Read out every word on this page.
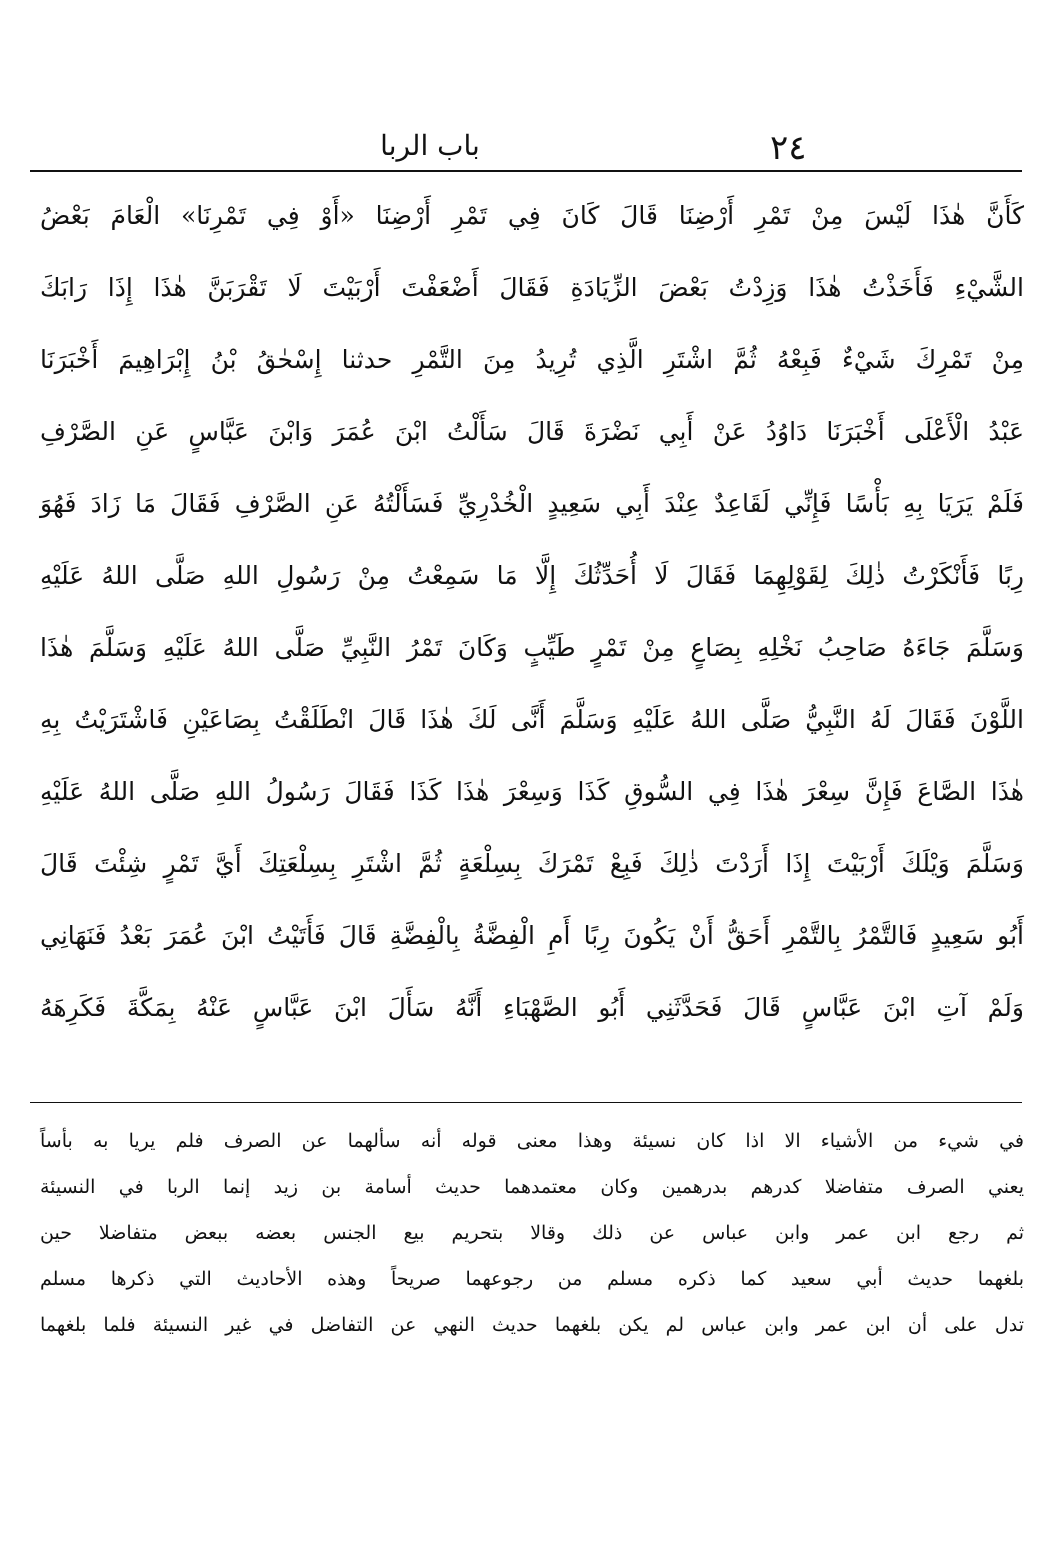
٢٤
باب الربا
كَأَنَّ هٰذَا لَيْسَ مِنْ تَمْرِ أَرْضِنَا قَالَ كَانَ فِي تَمْرِ أَرْضِنَا «أَوْ فِي تَمْرِنَا» الْعَامَ بَعْضُ
الشَّيْءِ فَأَخَذْتُ هٰذَا وَزِدْتُ بَعْضَ الزِّيَادَةِ فَقَالَ أَضْعَفْتَ أَرْبَيْتَ لَا تَقْرَبَنَّ هٰذَا إِذَا رَابَكَ
مِنْ تَمْرِكَ شَيْءٌ فَبِعْهُ ثُمَّ اشْتَرِ الَّذِي تُرِيدُ مِنَ التَّمْرِ حدثنا إِسْحٰقُ بْنُ إِبْرَاهِيمَ أَخْبَرَنَا
عَبْدُ الْأَعْلَى أَخْبَرَنَا دَاوُدُ عَنْ أَبِي نَضْرَةَ قَالَ سَأَلْتُ ابْنَ عُمَرَ وَابْنَ عَبَّاسٍ عَنِ الصَّرْفِ
فَلَمْ يَرَيَا بِهِ بَأْسًا فَإِنِّي لَقَاعِدٌ عِنْدَ أَبِي سَعِيدٍ الْخُدْرِيِّ فَسَأَلْتُهُ عَنِ الصَّرْفِ فَقَالَ مَا زَادَ فَهُوَ
رِبًا فَأَنْكَرْتُ ذٰلِكَ لِقَوْلِهِمَا فَقَالَ لَا أُحَدِّثُكَ إِلَّا مَا سَمِعْتُ مِنْ رَسُولِ اللهِ صَلَّى اللهُ عَلَيْهِ
وَسَلَّمَ جَاءَهُ صَاحِبُ نَخْلِهِ بِصَاعٍ مِنْ تَمْرٍ طَيِّبٍ وَكَانَ تَمْرُ النَّبِيِّ صَلَّى اللهُ عَلَيْهِ وَسَلَّمَ هٰذَا
اللَّوْنَ فَقَالَ لَهُ النَّبِيُّ صَلَّى اللهُ عَلَيْهِ وَسَلَّمَ أَنَّى لَكَ هٰذَا قَالَ انْطَلَقْتُ بِصَاعَيْنِ فَاشْتَرَيْتُ بِهِ
هٰذَا الصَّاعَ فَإِنَّ سِعْرَ هٰذَا فِي السُّوقِ كَذَا وَسِعْرَ هٰذَا كَذَا فَقَالَ رَسُولُ اللهِ صَلَّى اللهُ عَلَيْهِ
وَسَلَّمَ وَيْلَكَ أَرْبَيْتَ إِذَا أَرَدْتَ ذٰلِكَ فَبِعْ تَمْرَكَ بِسِلْعَةٍ ثُمَّ اشْتَرِ بِسِلْعَتِكَ أَيَّ تَمْرٍ شِئْتَ قَالَ
أَبُو سَعِيدٍ فَالتَّمْرُ بِالتَّمْرِ أَحَقُّ أَنْ يَكُونَ رِبًا أَمِ الْفِضَّةُ بِالْفِضَّةِ قَالَ فَأَتَيْتُ ابْنَ عُمَرَ بَعْدُ فَنَهَانِي
وَلَمْ آتِ ابْنَ عَبَّاسٍ قَالَ فَحَدَّثَنِي أَبُو الصَّهْبَاءِ أَنَّهُ سَأَلَ ابْنَ عَبَّاسٍ عَنْهُ بِمَكَّةَ فَكَرِهَهُ
في شيء من الأشياء الا اذا كان نسيئة وهذا معنى قوله أنه سألهما عن الصرف فلم يريا به بأساً
يعني الصرف متفاضلا كدرهم بدرهمين وكان معتمدهما حديث أسامة بن زيد إنما الربا في النسيئة
ثم رجع ابن عمر وابن عباس عن ذلك وقالا بتحريم بيع الجنس بعضه ببعض متفاضلا حين
بلغهما حديث أبي سعيد كما ذكره مسلم من رجوعهما صريحاً وهذه الأحاديث التي ذكرها مسلم
تدل على أن ابن عمر وابن عباس لم يكن بلغهما حديث النهي عن التفاضل في غير النسيئة فلما بلغهما
